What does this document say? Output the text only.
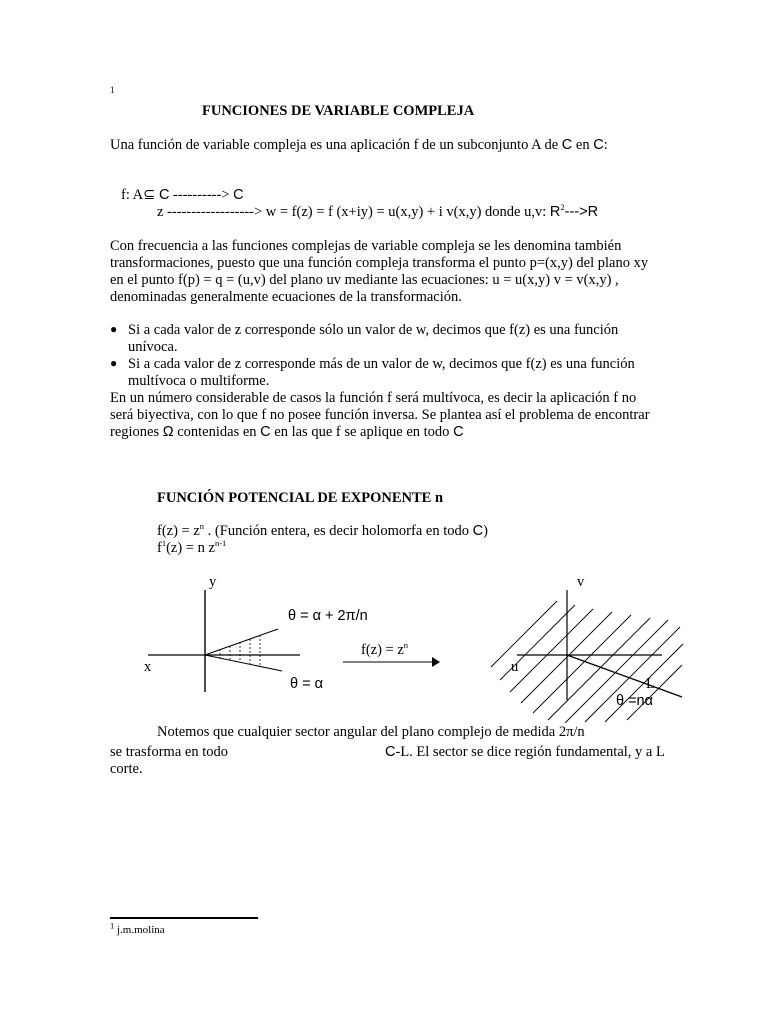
1
FUNCIONES DE VARIABLE COMPLEJA
Una función de variable compleja es una aplicación f de un subconjunto A de C en C:
f: A⊆ C ----------> C
z ------------------> w = f(z) = f (x+iy) = u(x,y) + i v(x,y) donde u,v: $R^2--->R$
Con frecuencia a las funciones complejas de variable compleja se les denomina también
transformaciones, puesto que una función compleja transforma el punto p=(x,y) del plano xy
en el punto f(p) = q = (u,v) del plano uv mediante las ecuaciones: u = u(x,y) v = v(x,y) ,
denominadas generalmente ecuaciones de la transformación.
● Si a cada valor de z corresponde sólo un valor de w, decimos que f(z) es una función
unívoca.
● Si a cada valor de z corresponde más de un valor de w, decimos que f(z) es una función
multívoca o multiforme.
En un número considerable de casos la función f será multívoca, es decir la aplicación f no
será biyectiva, con lo que f no posee función inversa. Se plantea así el problema de encontrar
regiones Ω contenidas en C en las que f se aplique en todo C
FUNCIÓN POTENCIAL DE EXPONENTE n
$f(z) = z^n$ . (Función entera, es decir holomorfa en todo C)
$f^1(z) = n$ $z^{n-1}$
y
x
θ = α + 2π/n
θ = α
$f(z) = z^n$
v
u
L
θ =nα
Notemos que cualquier sector angular del plano complejo de medida 2π/n
se trasforma en todo	C-L. El sector se dice región fundamental, y a L
corte.
$^1$ j.m.molina
